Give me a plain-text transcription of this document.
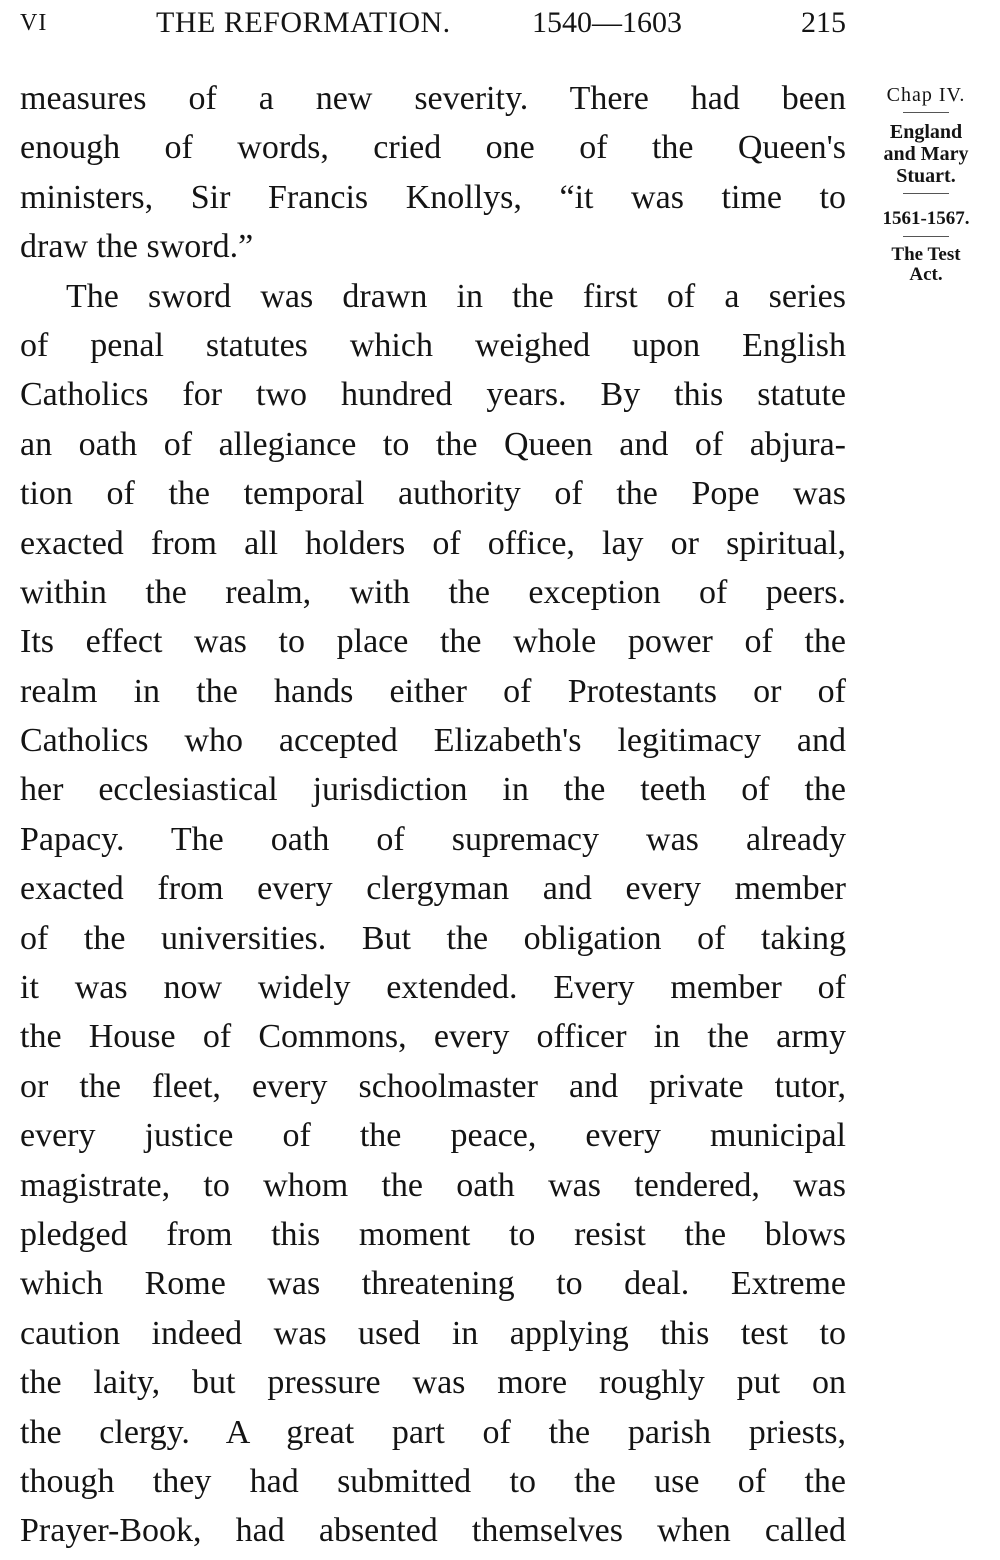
VI	THE REFORMATION.	1540—1603	215
measures of a new severity. There had been
enough of words, cried one of the Queen's
ministers, Sir Francis Knollys, “it was time to
draw the sword.”
The sword was drawn in the first of a series
of penal statutes which weighed upon English
Catholics for two hundred years. By this statute
an oath of allegiance to the Queen and of abjura-
tion of the temporal authority of the Pope was
exacted from all holders of office, lay or spiritual,
within the realm, with the exception of peers.
Its effect was to place the whole power of the
realm in the hands either of Protestants or of
Catholics who accepted Elizabeth's legitimacy and
her ecclesiastical jurisdiction in the teeth of the
Papacy. The oath of supremacy was already
exacted from every clergyman and every member
of the universities. But the obligation of taking
it was now widely extended. Every member of
the House of Commons, every officer in the army
or the fleet, every schoolmaster and private tutor,
every justice of the peace, every municipal
magistrate, to whom the oath was tendered, was
pledged from this moment to resist the blows
which Rome was threatening to deal. Extreme
caution indeed was used in applying this test to
the laity, but pressure was more roughly put on
the clergy. A great part of the parish priests,
though they had submitted to the use of the
Prayer-Book, had absented themselves when called
Chap IV.
England
and Mary
Stuart.
1561-1567.
The Test
Act.
